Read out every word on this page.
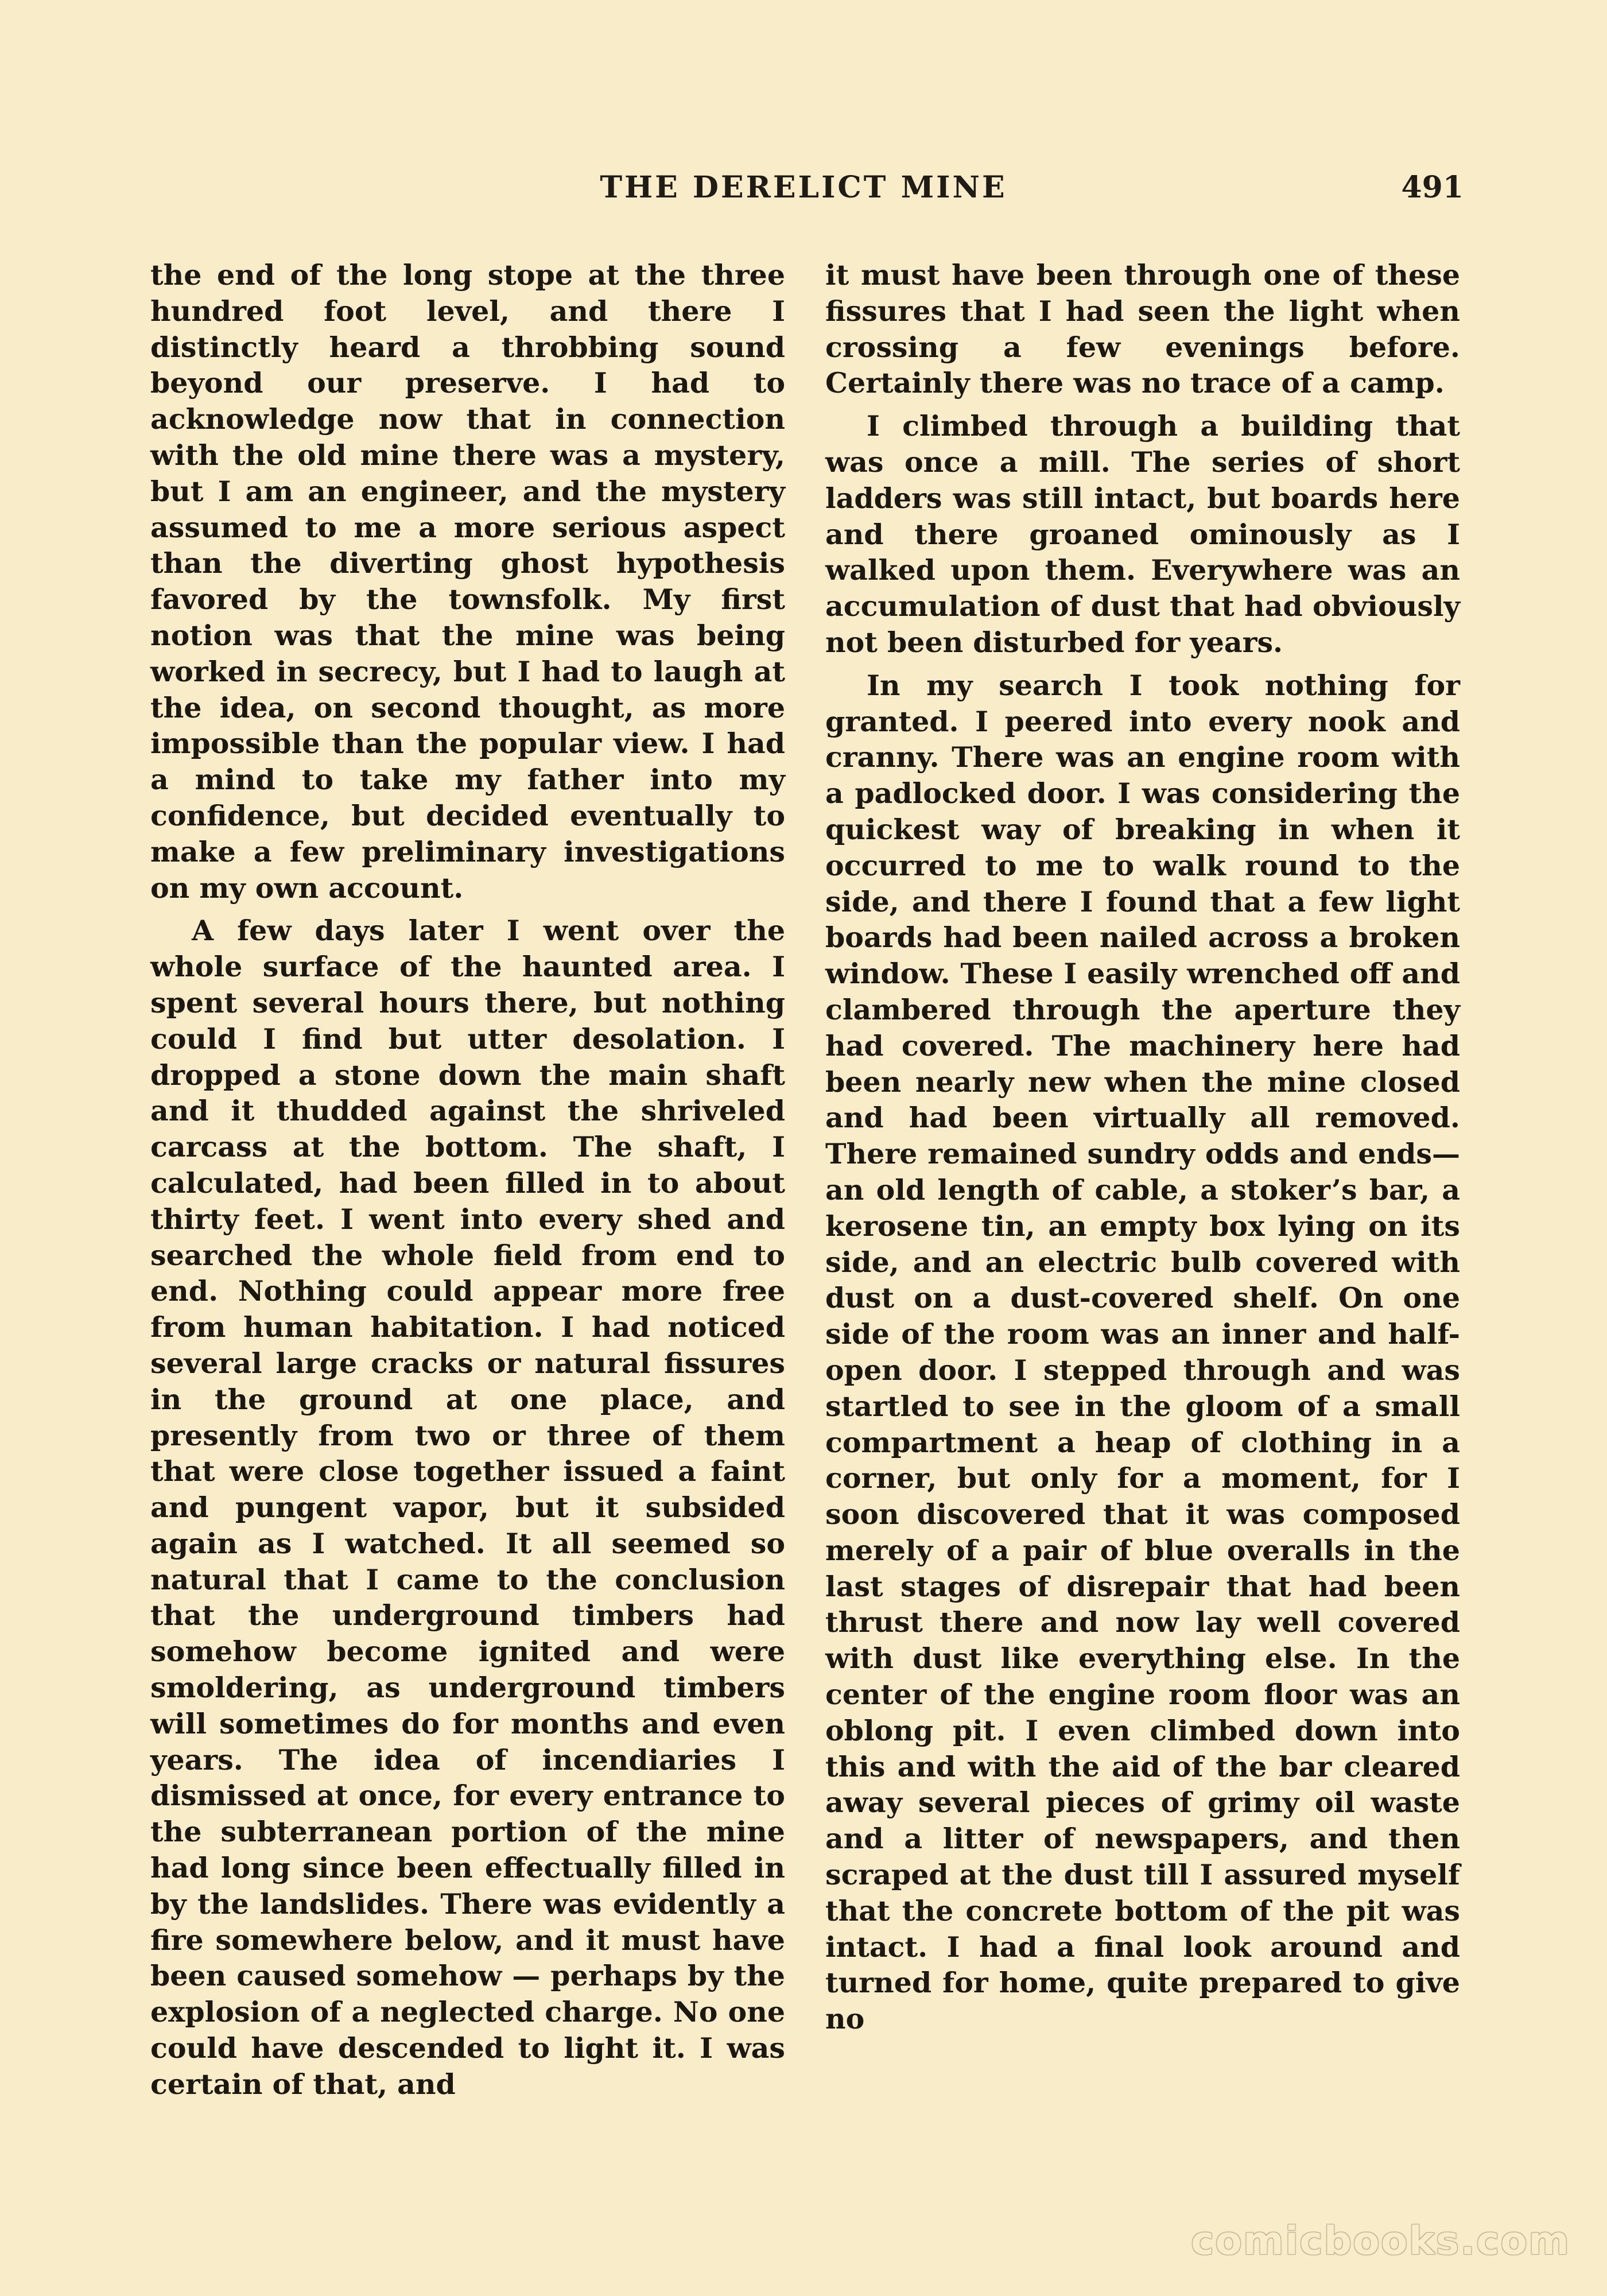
THE DERELICT MINE	491

the end of the long stope at the three hundred foot level, and there I distinctly heard a throbbing sound beyond our preserve. I had to acknowledge now that in connection with the old mine there was a mystery, but I am an engineer, and the mystery assumed to me a more serious aspect than the diverting ghost hypothesis favored by the townsfolk. My first notion was that the mine was being worked in secrecy, but I had to laugh at the idea, on second thought, as more impossible than the popular view. I had a mind to take my father into my confidence, but decided eventually to make a few preliminary investigations on my own account.

A few days later I went over the whole surface of the haunted area. I spent several hours there, but nothing could I find but utter desolation. I dropped a stone down the main shaft and it thudded against the shriveled carcass at the bottom. The shaft, I calculated, had been filled in to about thirty feet. I went into every shed and searched the whole field from end to end. Nothing could appear more free from human habitation. I had noticed several large cracks or natural fissures in the ground at one place, and presently from two or three of them that were close together issued a faint and pungent vapor, but it subsided again as I watched. It all seemed so natural that I came to the conclusion that the underground timbers had somehow become ignited and were smoldering, as underground timbers will sometimes do for months and even years. The idea of incendiaries I dismissed at once, for every entrance to the subterranean portion of the mine had long since been effectually filled in by the landslides. There was evidently a fire somewhere below, and it must have been caused somehow — perhaps by the explosion of a neglected charge. No one could have descended to light it. I was certain of that, and

it must have been through one of these fissures that I had seen the light when crossing a few evenings before. Certainly there was no trace of a camp.

I climbed through a building that was once a mill. The series of short ladders was still intact, but boards here and there groaned ominously as I walked upon them. Everywhere was an accumulation of dust that had obviously not been disturbed for years.

In my search I took nothing for granted. I peered into every nook and cranny. There was an engine room with a padlocked door. I was considering the quickest way of breaking in when it occurred to me to walk round to the side, and there I found that a few light boards had been nailed across a broken window. These I easily wrenched off and clambered through the aperture they had covered. The machinery here had been nearly new when the mine closed and had been virtually all removed. There remained sundry odds and ends—an old length of cable, a stoker’s bar, a kerosene tin, an empty box lying on its side, and an electric bulb covered with dust on a dust-covered shelf. On one side of the room was an inner and half-open door. I stepped through and was startled to see in the gloom of a small compartment a heap of clothing in a corner, but only for a moment, for I soon discovered that it was composed merely of a pair of blue overalls in the last stages of disrepair that had been thrust there and now lay well covered with dust like everything else. In the center of the engine room floor was an oblong pit. I even climbed down into this and with the aid of the bar cleared away several pieces of grimy oil waste and a litter of newspapers, and then scraped at the dust till I assured myself that the concrete bottom of the pit was intact. I had a final look around and turned for home, quite prepared to give no

comicbooks.com
